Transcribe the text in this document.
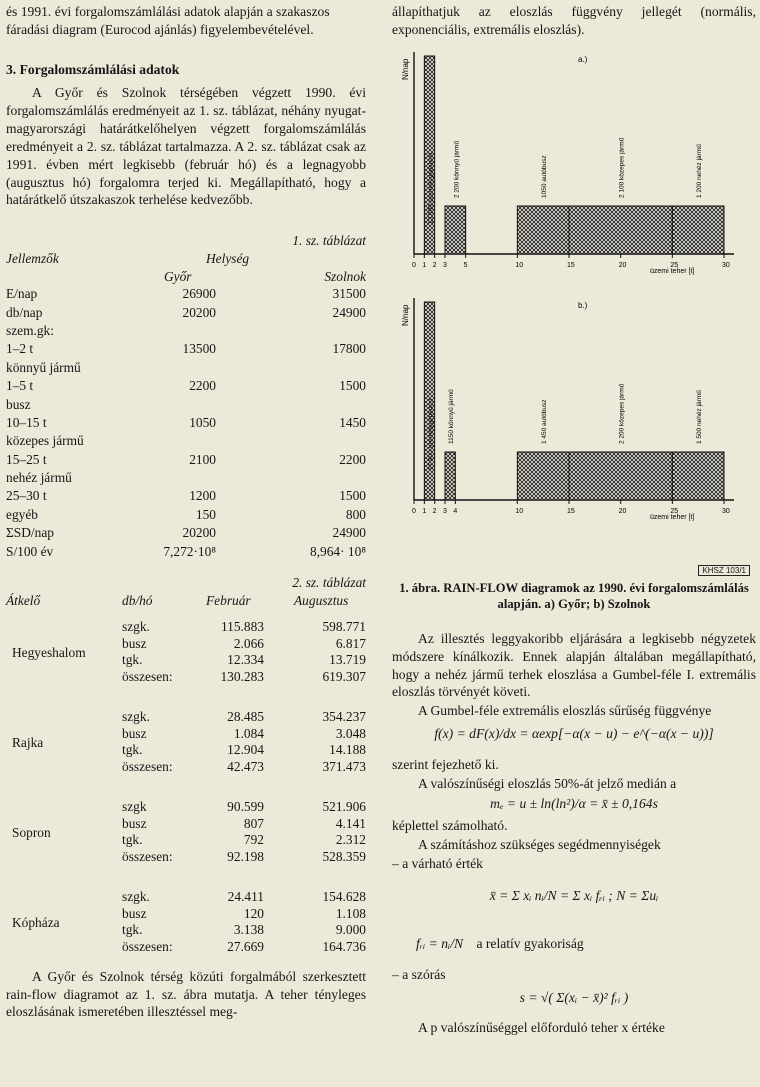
és 1991. évi forgalomszámlálási adatok alapján a szakaszos

fáradási diagram (Eurocod ajánlás) figyelembevételével.

3. Forgalomszámlálási adatok

A Győr és Szolnok térségében végzett 1990. évi forgalomszámlálás eredményeit az 1. sz. táblázat, néhány nyugat-magyarországi határátkelőhelyen végzett forgalomszámlálás eredményeit a 2. sz. táblázat tartalmazza. A 2. sz. táblázat csak az 1991. évben mért legkisebb (február hó) és a legnagyobb (augusztus hó) forgalomra terjed ki. Megállapítható, hogy a határátkelő útszakaszok terhelése kedvezőbb.

1. sz. táblázat
Jellemzők	Helység
Győr	Szolnok
E/nap	26900	31500
db/nap	20200	24900
szem.gk:		
1–2 t	13500	17800
könnyű jármű		
1–5 t	2200	1500
busz		
10–15 t	1050	1450
közepes jármű		
15–25 t	2100	2200
nehéz jármű		
25–30 t	1200	1500
egyéb	150	800
ΣSD/nap	20200	24900
S/100 év	7,272·10⁸	8,964· 10⁸
2. sz. táblázat
Átkelő	db/hó	Február	Augusztus
Hegyeshalom
szgk.	115.883	598.771
busz	2.066	6.817
tgk.	12.334	13.719
összesen:	130.283	619.307
Rajka
szgk.	28.485	354.237
busz	1.084	3.048
tgk.	12.904	14.188
összesen:	42.473	371.473
Sopron
szgk	90.599	521.906
busz	807	4.141
tgk.	792	2.312
összesen:	92.198	528.359
Kópháza
szgk.	24.411	154.628
busz	120	1.108
tgk.	3.138	9.000
összesen:	27.669	164.736

A Győr és Szolnok térség közúti forgalmából szerkesztett rain-flow diagramot az 1. sz. ábra mutatja. A teher tényleges eloszlásának ismeretében illesztéssel meg-

állapíthatjuk az eloszlás függvény jellegét (normális, exponenciális, extremális eloszlás).

a.)
N/nap
13 500 személygépkocsi	2 200 könnyű jármű	1050 autóbusz	2 100 közepes jármű	1 200 nehéz jármű
0 1 2 3 5	10	15	20	25	30
üzemi teher [t]
b.)
N/nap
17 800 személygépkocsi 1150 könnyű jármű	1 450 autóbusz	2 200 közepes jármű	1 500 nehéz jármű
0 1 2 3 4	10	15	20	25	30
üzemi teher [t]
KHSZ 103/1

1. ábra. RAIN-FLOW diagramok az 1990. évi forgalomszámlálás alapján. a) Győr; b) Szolnok

Az illesztés leggyakoribb eljárására a legkisebb négyzetek módszere kínálkozik. Ennek alapján általában megállapítható, hogy a nehéz jármű terhek eloszlása a Gumbel-féle I. extremális eloszlás törvényét követi.

A Gumbel-féle extremális eloszlás sűrűség függvénye

f(x) = dF(x)/dx = αexp[−α(x − u) − e^(−α(x − u))]

szerint fejezhető ki.

A valószínűségi eloszlás 50%-át jelző medián a

mₑ = u ± ln(ln²)/α = x̄ ± 0,164s

képlettel számolható.

A számításhoz szükséges segédmennyiségek

– a várható érték

x̄ = Σ xᵢ nᵢ/N = Σ xᵢ fᵣᵢ ; N = Σuᵢ

fᵣᵢ = nᵢ/N a relatív gyakoriság

– a szórás

s = √( Σ(xᵢ − x̄)² fᵣᵢ )

A p valószínűséggel előforduló teher x értéke
